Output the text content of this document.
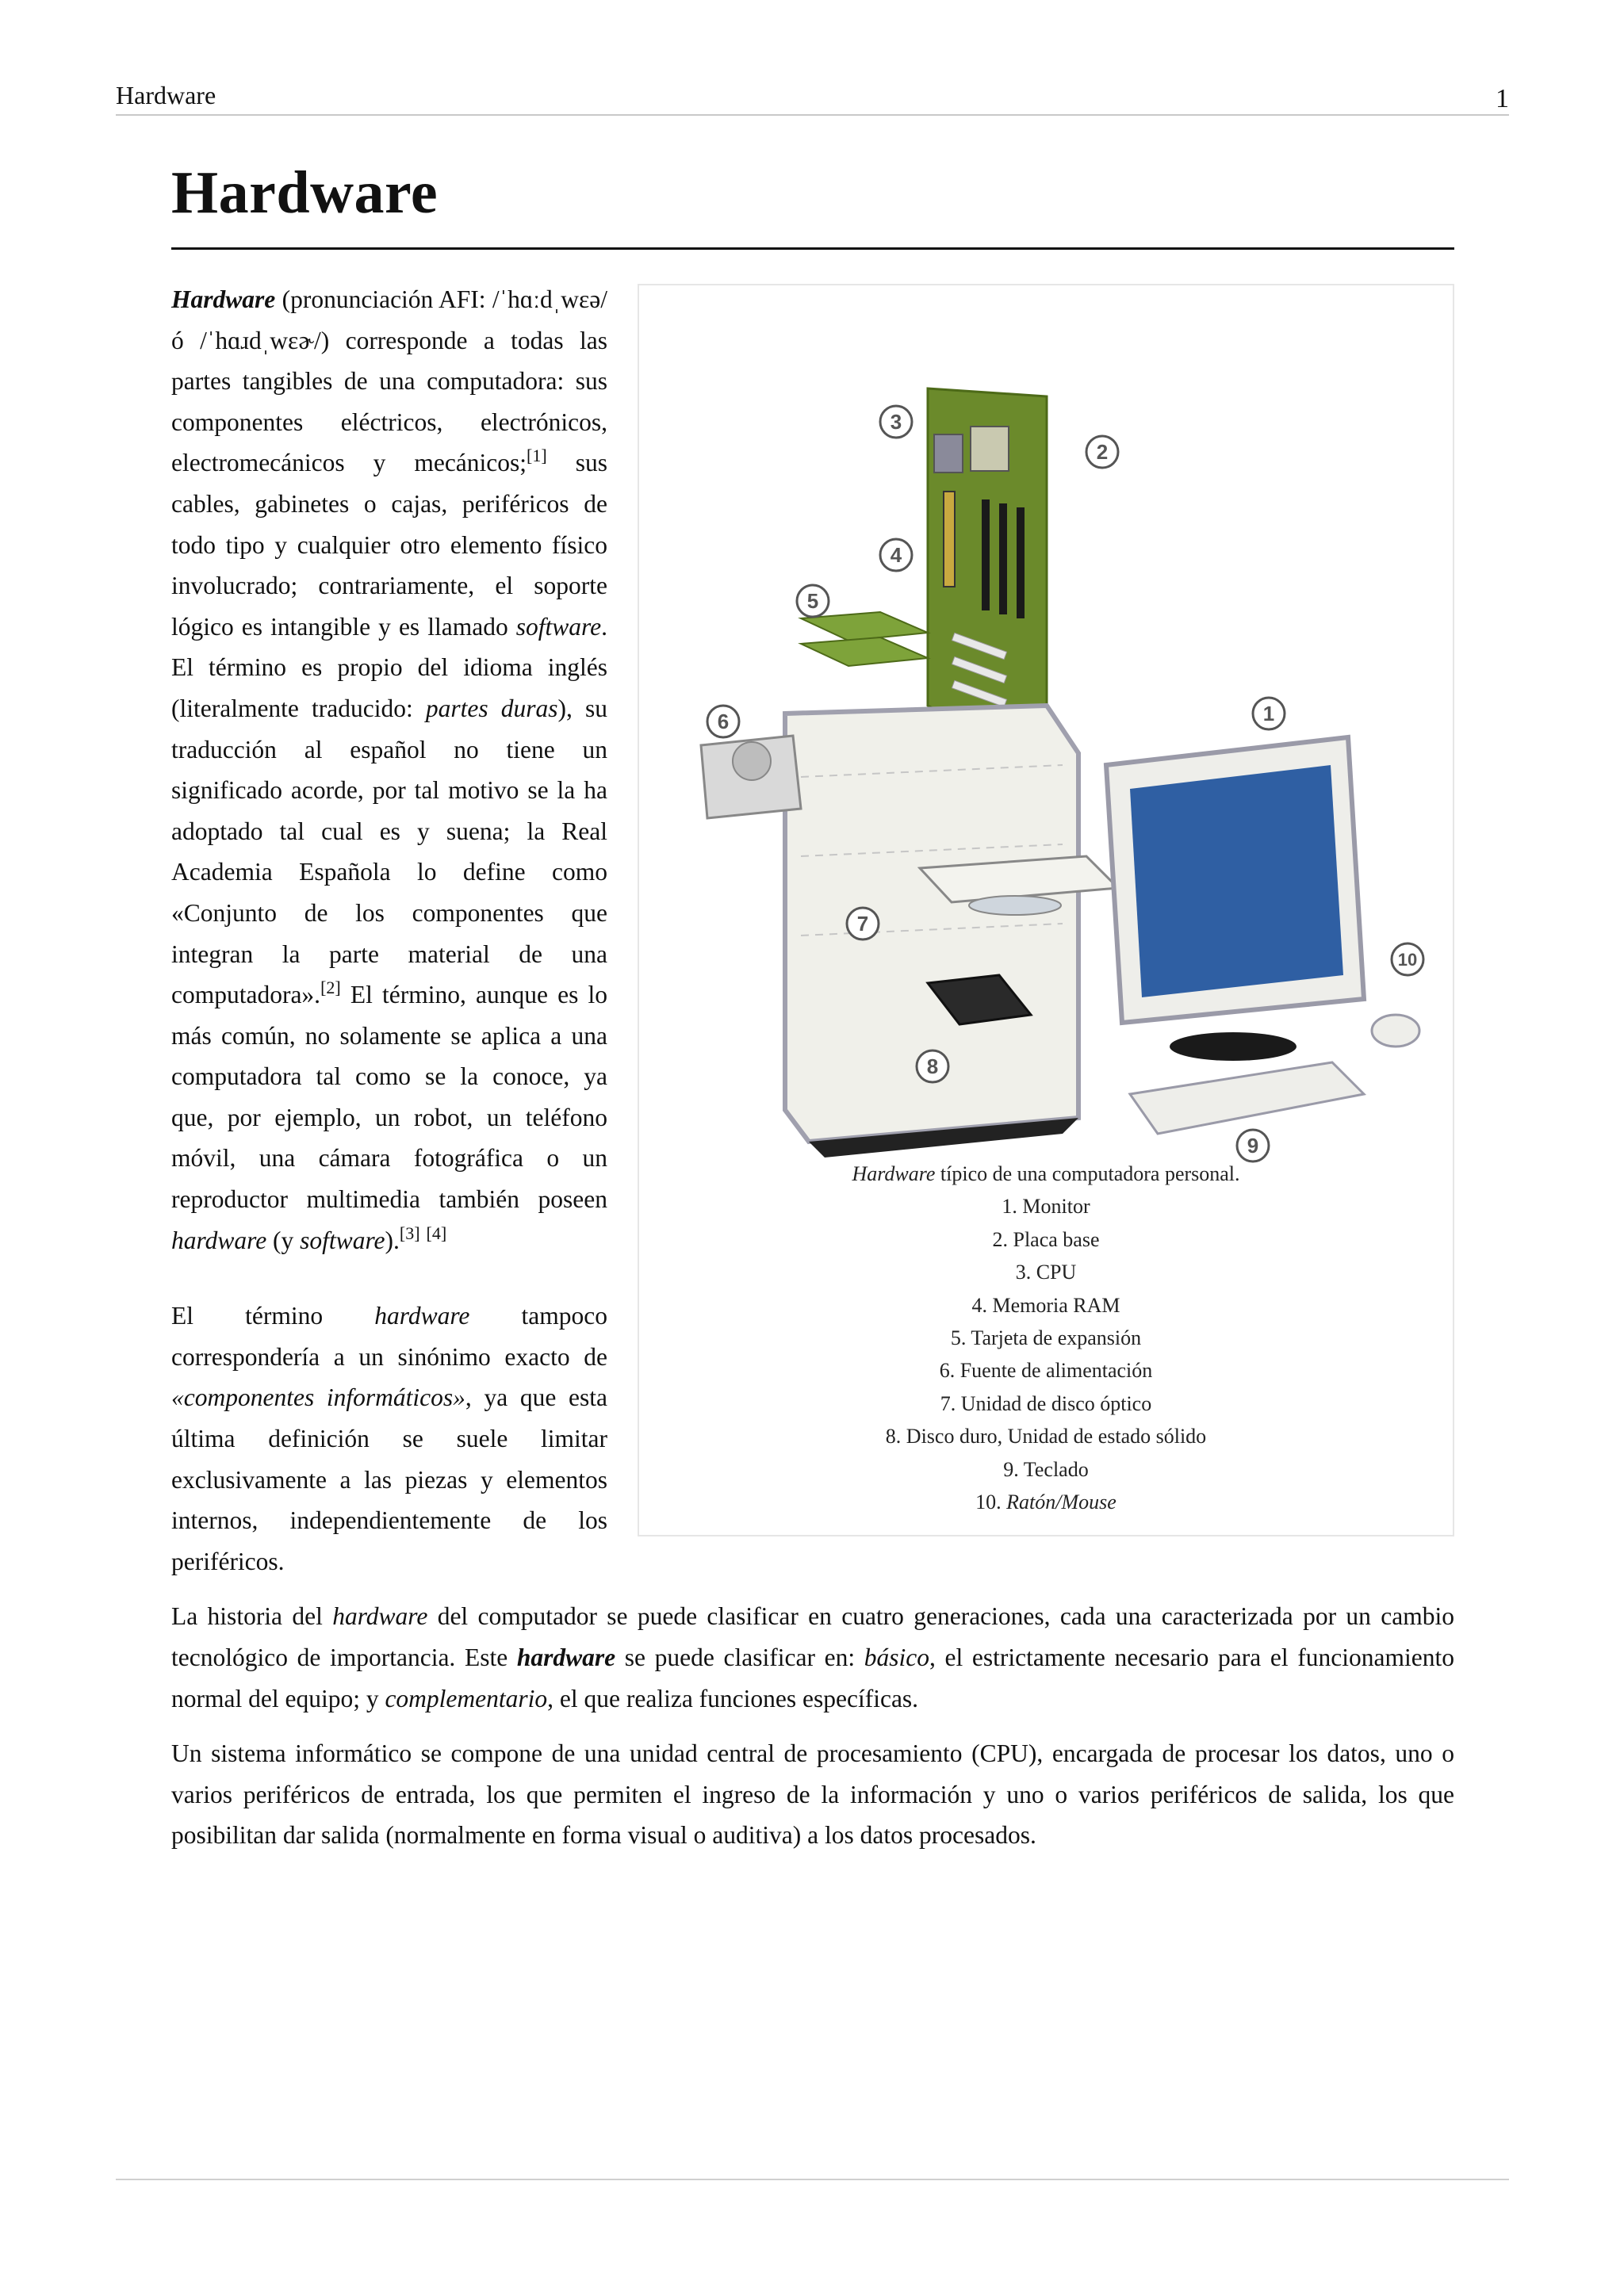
Hardware	1
Hardware
1
2
3
4
5
6
7
8
9
10
Hardware típico de una computadora personal.
1. Monitor
2. Placa base
3. CPU
4. Memoria RAM
5. Tarjeta de expansión
6. Fuente de alimentación
7. Unidad de disco óptico
8. Disco duro, Unidad de estado sólido
9. Teclado
10. Ratón/Mouse

Hardware (pronunciación AFI: /ˈhɑːdˌwɛə/ ó /ˈhɑɹdˌwɛɚ/) corresponde a todas las partes tangibles de una computadora: sus componentes eléctricos, electrónicos, electromecánicos y mecánicos;[1] sus cables, gabinetes o cajas, periféricos de todo tipo y cualquier otro elemento físico involucrado; contrariamente, el soporte lógico es intangible y es llamado software. El término es propio del idioma inglés (literalmente traducido: partes duras), su traducción al español no tiene un significado acorde, por tal motivo se la ha adoptado tal cual es y suena; la Real Academia Española lo define como «Conjunto de los componentes que integran la parte material de una computadora».[2] El término, aunque es lo más común, no solamente se aplica a una computadora tal como se la conoce, ya que, por ejemplo, un robot, un teléfono móvil, una cámara fotográfica o un reproductor multimedia también poseen hardware (y software).[3] [4]

El término hardware tampoco correspondería a un sinónimo exacto de «componentes informáticos», ya que esta última definición se suele limitar exclusivamente a las piezas y elementos internos, independientemente de los periféricos.

La historia del hardware del computador se puede clasificar en cuatro generaciones, cada una caracterizada por un cambio tecnológico de importancia. Este hardware se puede clasificar en: básico, el estrictamente necesario para el funcionamiento normal del equipo; y complementario, el que realiza funciones específicas.

Un sistema informático se compone de una unidad central de procesamiento (CPU), encargada de procesar los datos, uno o varios periféricos de entrada, los que permiten el ingreso de la información y uno o varios periféricos de salida, los que posibilitan dar salida (normalmente en forma visual o auditiva) a los datos procesados.
